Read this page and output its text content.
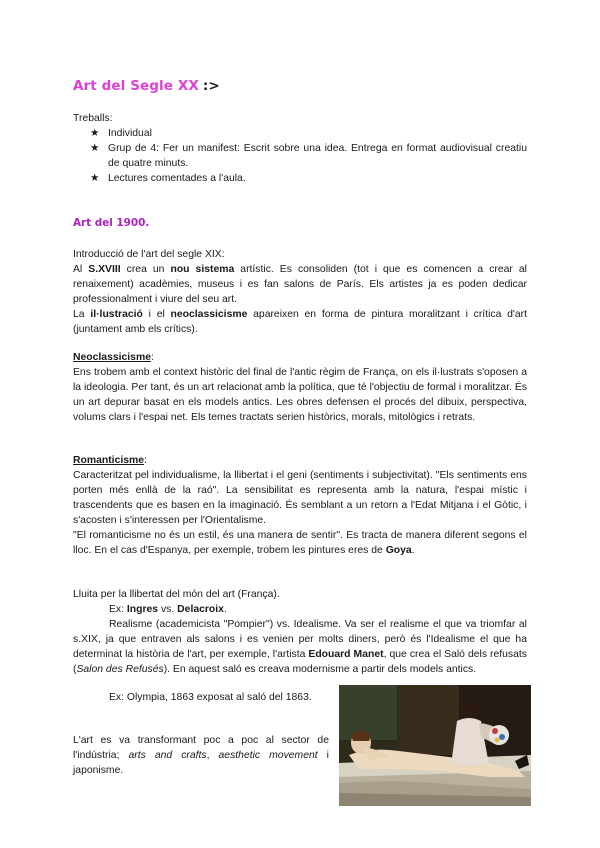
Art del Segle XX :>

Treballs:

★ Individual
★ Grup de 4: Fer un manifest: Escrit sobre una idea. Entrega en format audiovisual creatiu de quatre minuts.
★ Lectures comentades a l'aula.
Art del 1900.

Introducció de l'art del segle XIX:

Al S.XVIII crea un nou sistema artístic. Es consoliden (tot i que es comencen a crear al renaixement) acadèmies, museus i es fan salons de París. Els artistes ja es poden dedicar professionalment i viure del seu art.

La il·lustració i el neoclassicisme apareixen en forma de pintura moralitzant i crítica d'art (juntament amb els crítics).

Neoclassicisme:

Ens trobem amb el context històric del final de l'antic règim de França, on els il·lustrats s'oposen a la ideologia. Per tant, és un art relacionat amb la política, que té l'objectiu de formal i moralitzar. És un art depurar basat en els models antics. Les obres defensen el procés del dibuix, perspectiva, volums clars i l'espai net. Els temes tractats serien històrics, morals, mitològics i retrats.

Romanticisme:

Caracteritzat pel individualisme, la llibertat i el geni (sentiments i subjectivitat). "Els sentiments ens porten més enllà de la raó". La sensibilitat es representa amb la natura, l'espai místic i trascendents que es basen en la imaginació. És semblant a un retorn a l'Edat Mitjana i el Gòtic, i s'acosten i s'interessen per l'Orientalisme.

"El romanticisme no és un estil, és una manera de sentir". Es tracta de manera diferent segons el lloc. En el cas d'Espanya, per exemple, trobem les pintures eres de Goya.

Lluita per la llibertat del món del art (França).

Ex: Ingres vs. Delacroix.

Realisme (academicista "Pompier") vs. Idealisme. Va ser el realisme el que va triomfar al s.XIX, ja que entraven als salons i es venien per molts diners, però és l'Idealisme el que ha determinat la història de l'art, per exemple, l'artista Edouard Manet, que crea el Saló dels refusats (Salon des Refusés). En aquest saló es creava modernisme a partir dels models antics.

Ex: Olympia, 1863 exposat al saló del 1863.

L'art es va transformant poc a poc al sector de l'indústria; arts and crafts, aesthetic movement i japonisme.
